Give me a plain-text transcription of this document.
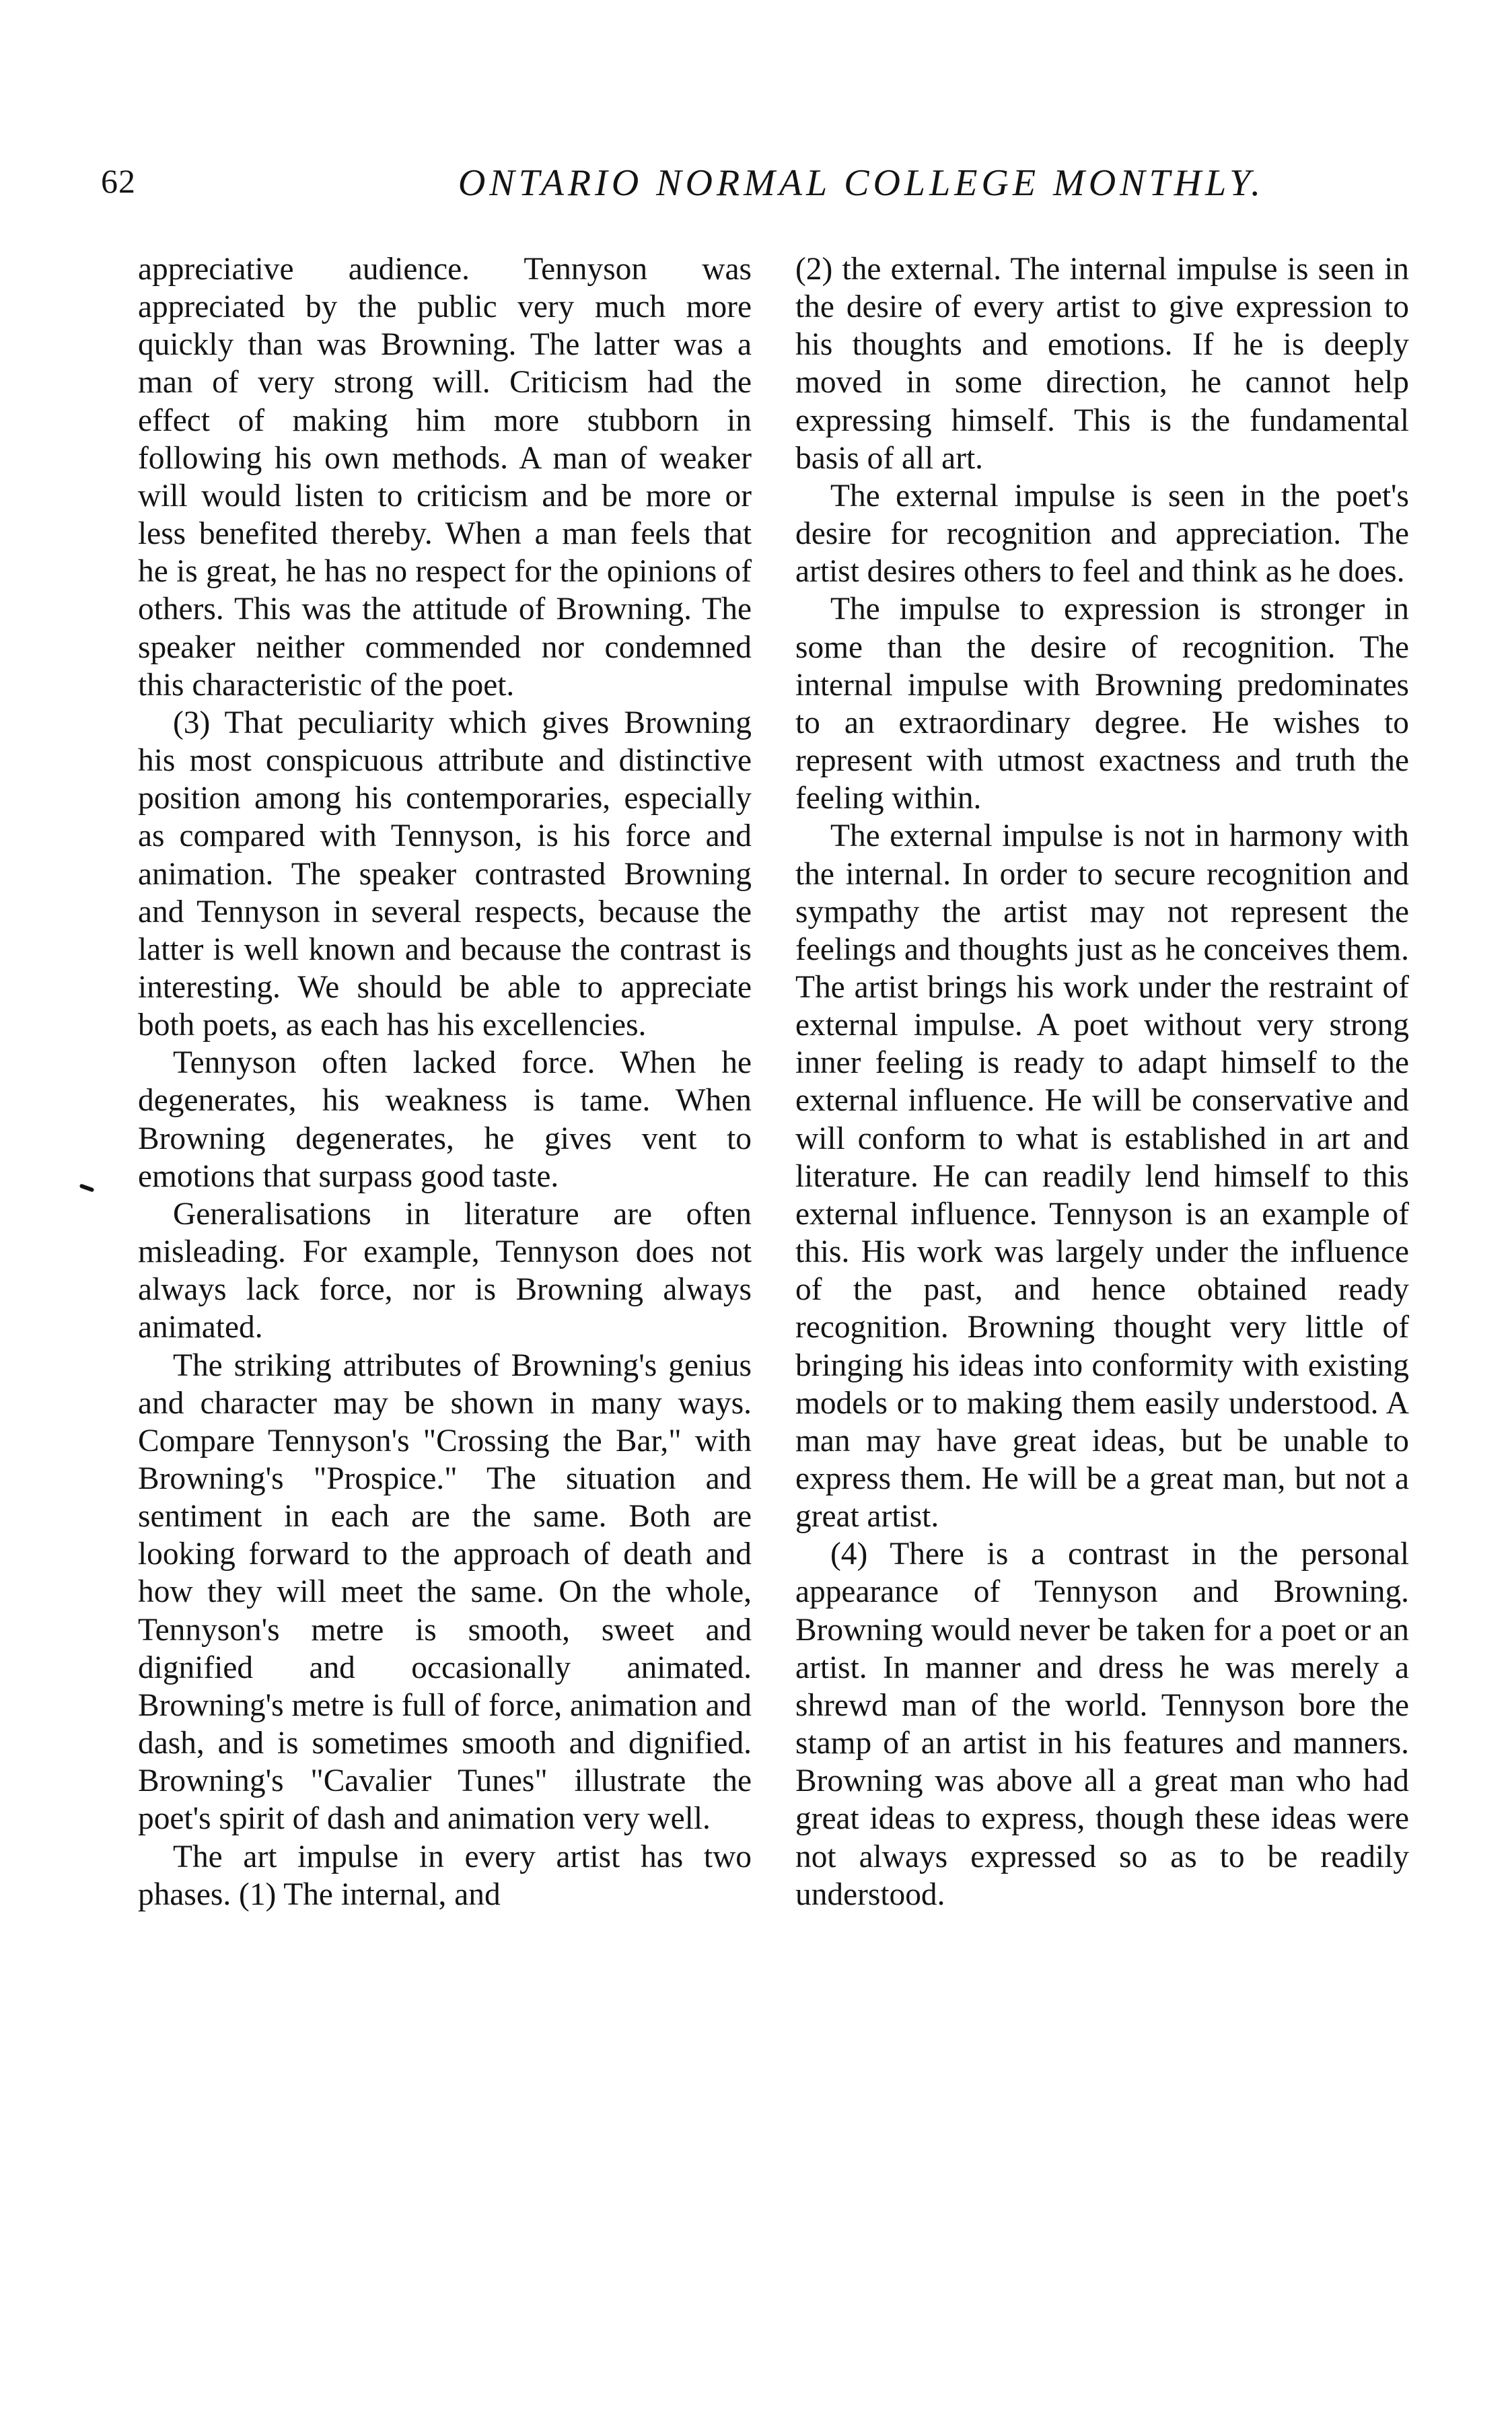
62	ONTARIO NORMAL COLLEGE MONTHLY.

appreciative audience. Tennyson was appreciated by the public very much more quickly than was Browning. The latter was a man of very strong will. Criticism had the effect of making him more stubborn in following his own methods. A man of weaker will would listen to criticism and be more or less benefited thereby. When a man feels that he is great, he has no respect for the opinions of others. This was the attitude of Browning. The speaker neither commended nor condemned this characteristic of the poet.

(3) That peculiarity which gives Browning his most conspicuous attribute and distinctive position among his contemporaries, especially as compared with Tennyson, is his force and animation. The speaker contrasted Browning and Tennyson in several respects, because the latter is well known and because the contrast is interesting. We should be able to appreciate both poets, as each has his excellencies.

Tennyson often lacked force. When he degenerates, his weakness is tame. When Browning degenerates, he gives vent to emotions that surpass good taste.

Generalisations in literature are often misleading. For example, Tennyson does not always lack force, nor is Browning always animated.

The striking attributes of Browning's genius and character may be shown in many ways. Compare Tennyson's "Crossing the Bar," with Browning's "Prospice." The situation and sentiment in each are the same. Both are looking forward to the approach of death and how they will meet the same. On the whole, Tennyson's metre is smooth, sweet and dignified and occasionally animated. Browning's metre is full of force, animation and dash, and is sometimes smooth and dignified. Browning's "Cavalier Tunes" illustrate the poet's spirit of dash and animation very well.

The art impulse in every artist has two phases. (1) The internal, and

(2) the external. The internal impulse is seen in the desire of every artist to give expression to his thoughts and emotions. If he is deeply moved in some direction, he cannot help expressing himself. This is the fundamental basis of all art.

The external impulse is seen in the poet's desire for recognition and appreciation. The artist desires others to feel and think as he does.

The impulse to expression is stronger in some than the desire of recognition. The internal impulse with Browning predominates to an extraordinary degree. He wishes to represent with utmost exactness and truth the feeling within.

The external impulse is not in harmony with the internal. In order to secure recognition and sympathy the artist may not represent the feelings and thoughts just as he conceives them. The artist brings his work under the restraint of external impulse. A poet without very strong inner feeling is ready to adapt himself to the external influence. He will be conservative and will conform to what is established in art and literature. He can readily lend himself to this external influence. Tennyson is an example of this. His work was largely under the influence of the past, and hence obtained ready recognition. Browning thought very little of bringing his ideas into conformity with existing models or to making them easily understood. A man may have great ideas, but be unable to express them. He will be a great man, but not a great artist.

(4) There is a contrast in the personal appearance of Tennyson and Browning. Browning would never be taken for a poet or an artist. In manner and dress he was merely a shrewd man of the world. Tennyson bore the stamp of an artist in his features and manners. Browning was above all a great man who had great ideas to express, though these ideas were not always expressed so as to be readily understood.
